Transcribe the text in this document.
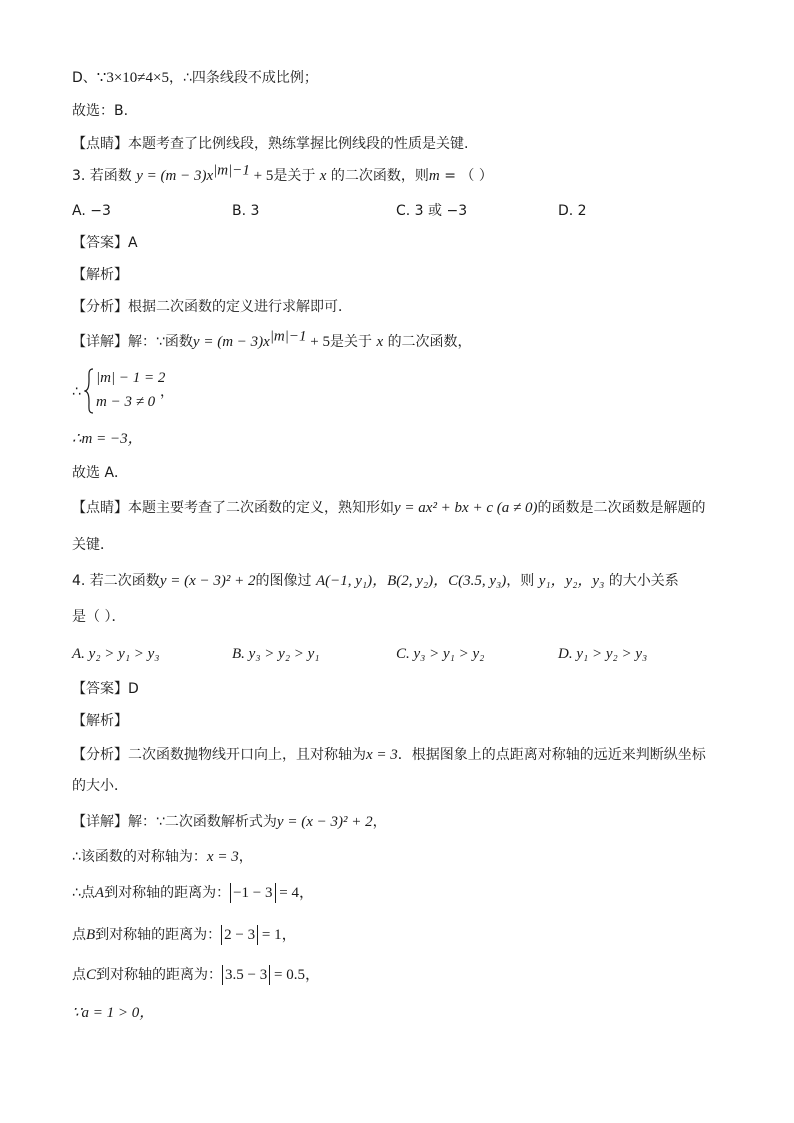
D、∵3×10≠4×5，∴四条线段不成比例；
故选：B.
【点睛】本题考查了比例线段，熟练掌握比例线段的性质是关键.
3. 若函数 $y = (m - 3)x^{|m|-1} + 5$是关于 x 的二次函数，则m = （ ）
A. −3	B. 3	C. 3 或 −3	D. 2
【答案】A
【解析】
【分析】根据二次函数的定义进行求解即可．
【详解】解：∵函数$y = (m - 3)x^{|m|-1} + 5$是关于 x 的二次函数，
∴
|m| − 1 = 2
m − 3 ≠ 0
，
∴m = −3，
故选 A．
【点睛】本题主要考查了二次函数的定义，熟知形如y = ax² + bx + c (a ≠ 0)的函数是二次函数是解题的
关键．
4. 若二次函数y = (x − 3)² + 2的图像过 A(−1, y₁)，B(2, y₂)，C(3.5, y₃)，则 y₁，y₂，y₃ 的大小关系
是（ ）．
A. y₂ > y₁ > y₃	B. y₃ > y₂ > y₁	C. y₃ > y₁ > y₂	D. y₁ > y₂ > y₃
【答案】D
【解析】
【分析】二次函数抛物线开口向上，且对称轴为x = 3．根据图象上的点距离对称轴的远近来判断纵坐标
的大小．
【详解】解：∵二次函数解析式为y = (x − 3)² + 2，
∴该函数的对称轴为：x = 3，
∴点A到对称轴的距离为： −1 − 3 = 4，
点B到对称轴的距离为： 2 − 3 = 1，
点C到对称轴的距离为： 3.5 − 3 = 0.5，
∵a = 1 > 0，
